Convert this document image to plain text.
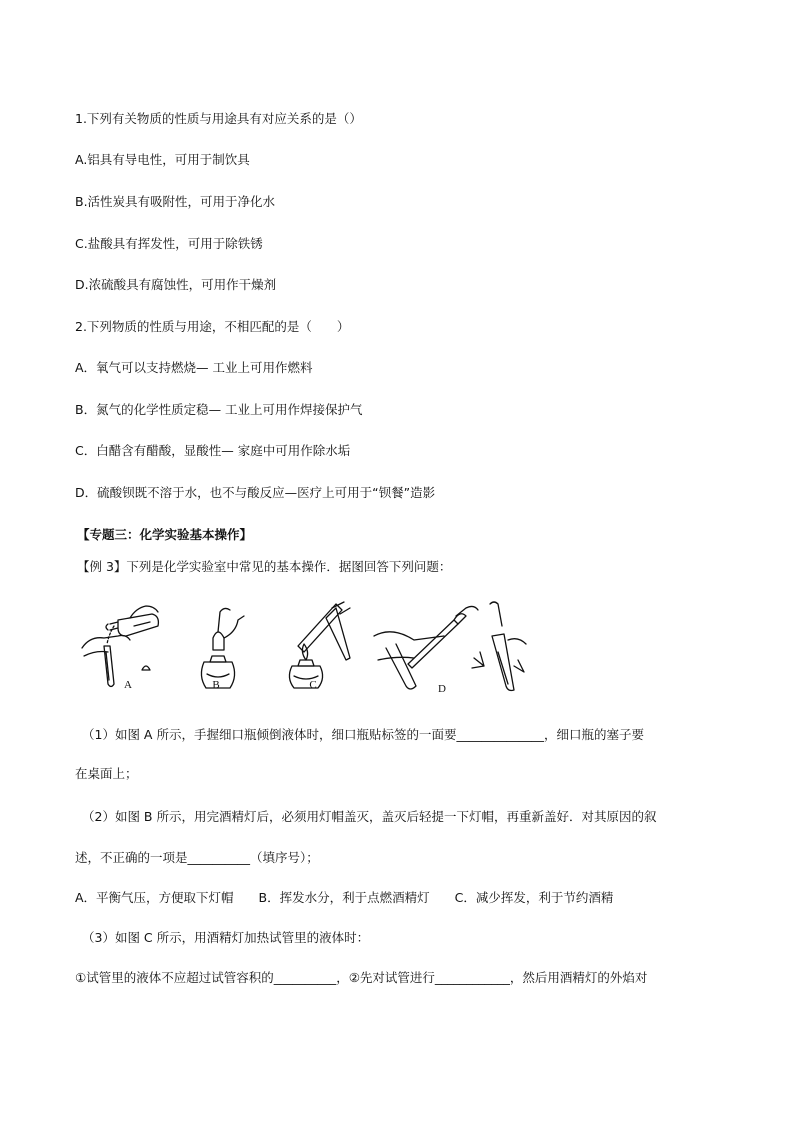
1.下列有关物质的性质与用途具有对应关系的是（）
A.铝具有导电性，可用于制饮具
B.活性炭具有吸附性，可用于净化水
C.盐酸具有挥发性，可用于除铁锈
D.浓硫酸具有腐蚀性，可用作干燥剂
2.下列物质的性质与用途，不相匹配的是（　　）
A．氧气可以支持燃烧— 工业上可用作燃料
B．氮气的化学性质定稳— 工业上可用作焊接保护气
C．白醋含有醋酸，显酸性— 家庭中可用作除水垢
D．硫酸钡既不溶于水，也不与酸反应—医疗上可用于“钡餐”造影
【专题三：化学实验基本操作】
【例 3】下列是化学实验室中常见的基本操作．据图回答下列问题：
A	B	C	D
（1）如图 A 所示，手握细口瓶倾倒液体时，细口瓶贴标签的一面要______________，细口瓶的塞子要
在桌面上；
（2）如图 B 所示，用完酒精灯后，必须用灯帽盖灭，盖灭后轻提一下灯帽，再重新盖好．对其原因的叙
述，不正确的一项是__________（填序号）；
A．平衡气压，方便取下灯帽　　B．挥发水分，利于点燃酒精灯　　C．减少挥发，利于节约酒精
（3）如图 C 所示，用酒精灯加热试管里的液体时：
①试管里的液体不应超过试管容积的__________，②先对试管进行____________，然后用酒精灯的外焰对
